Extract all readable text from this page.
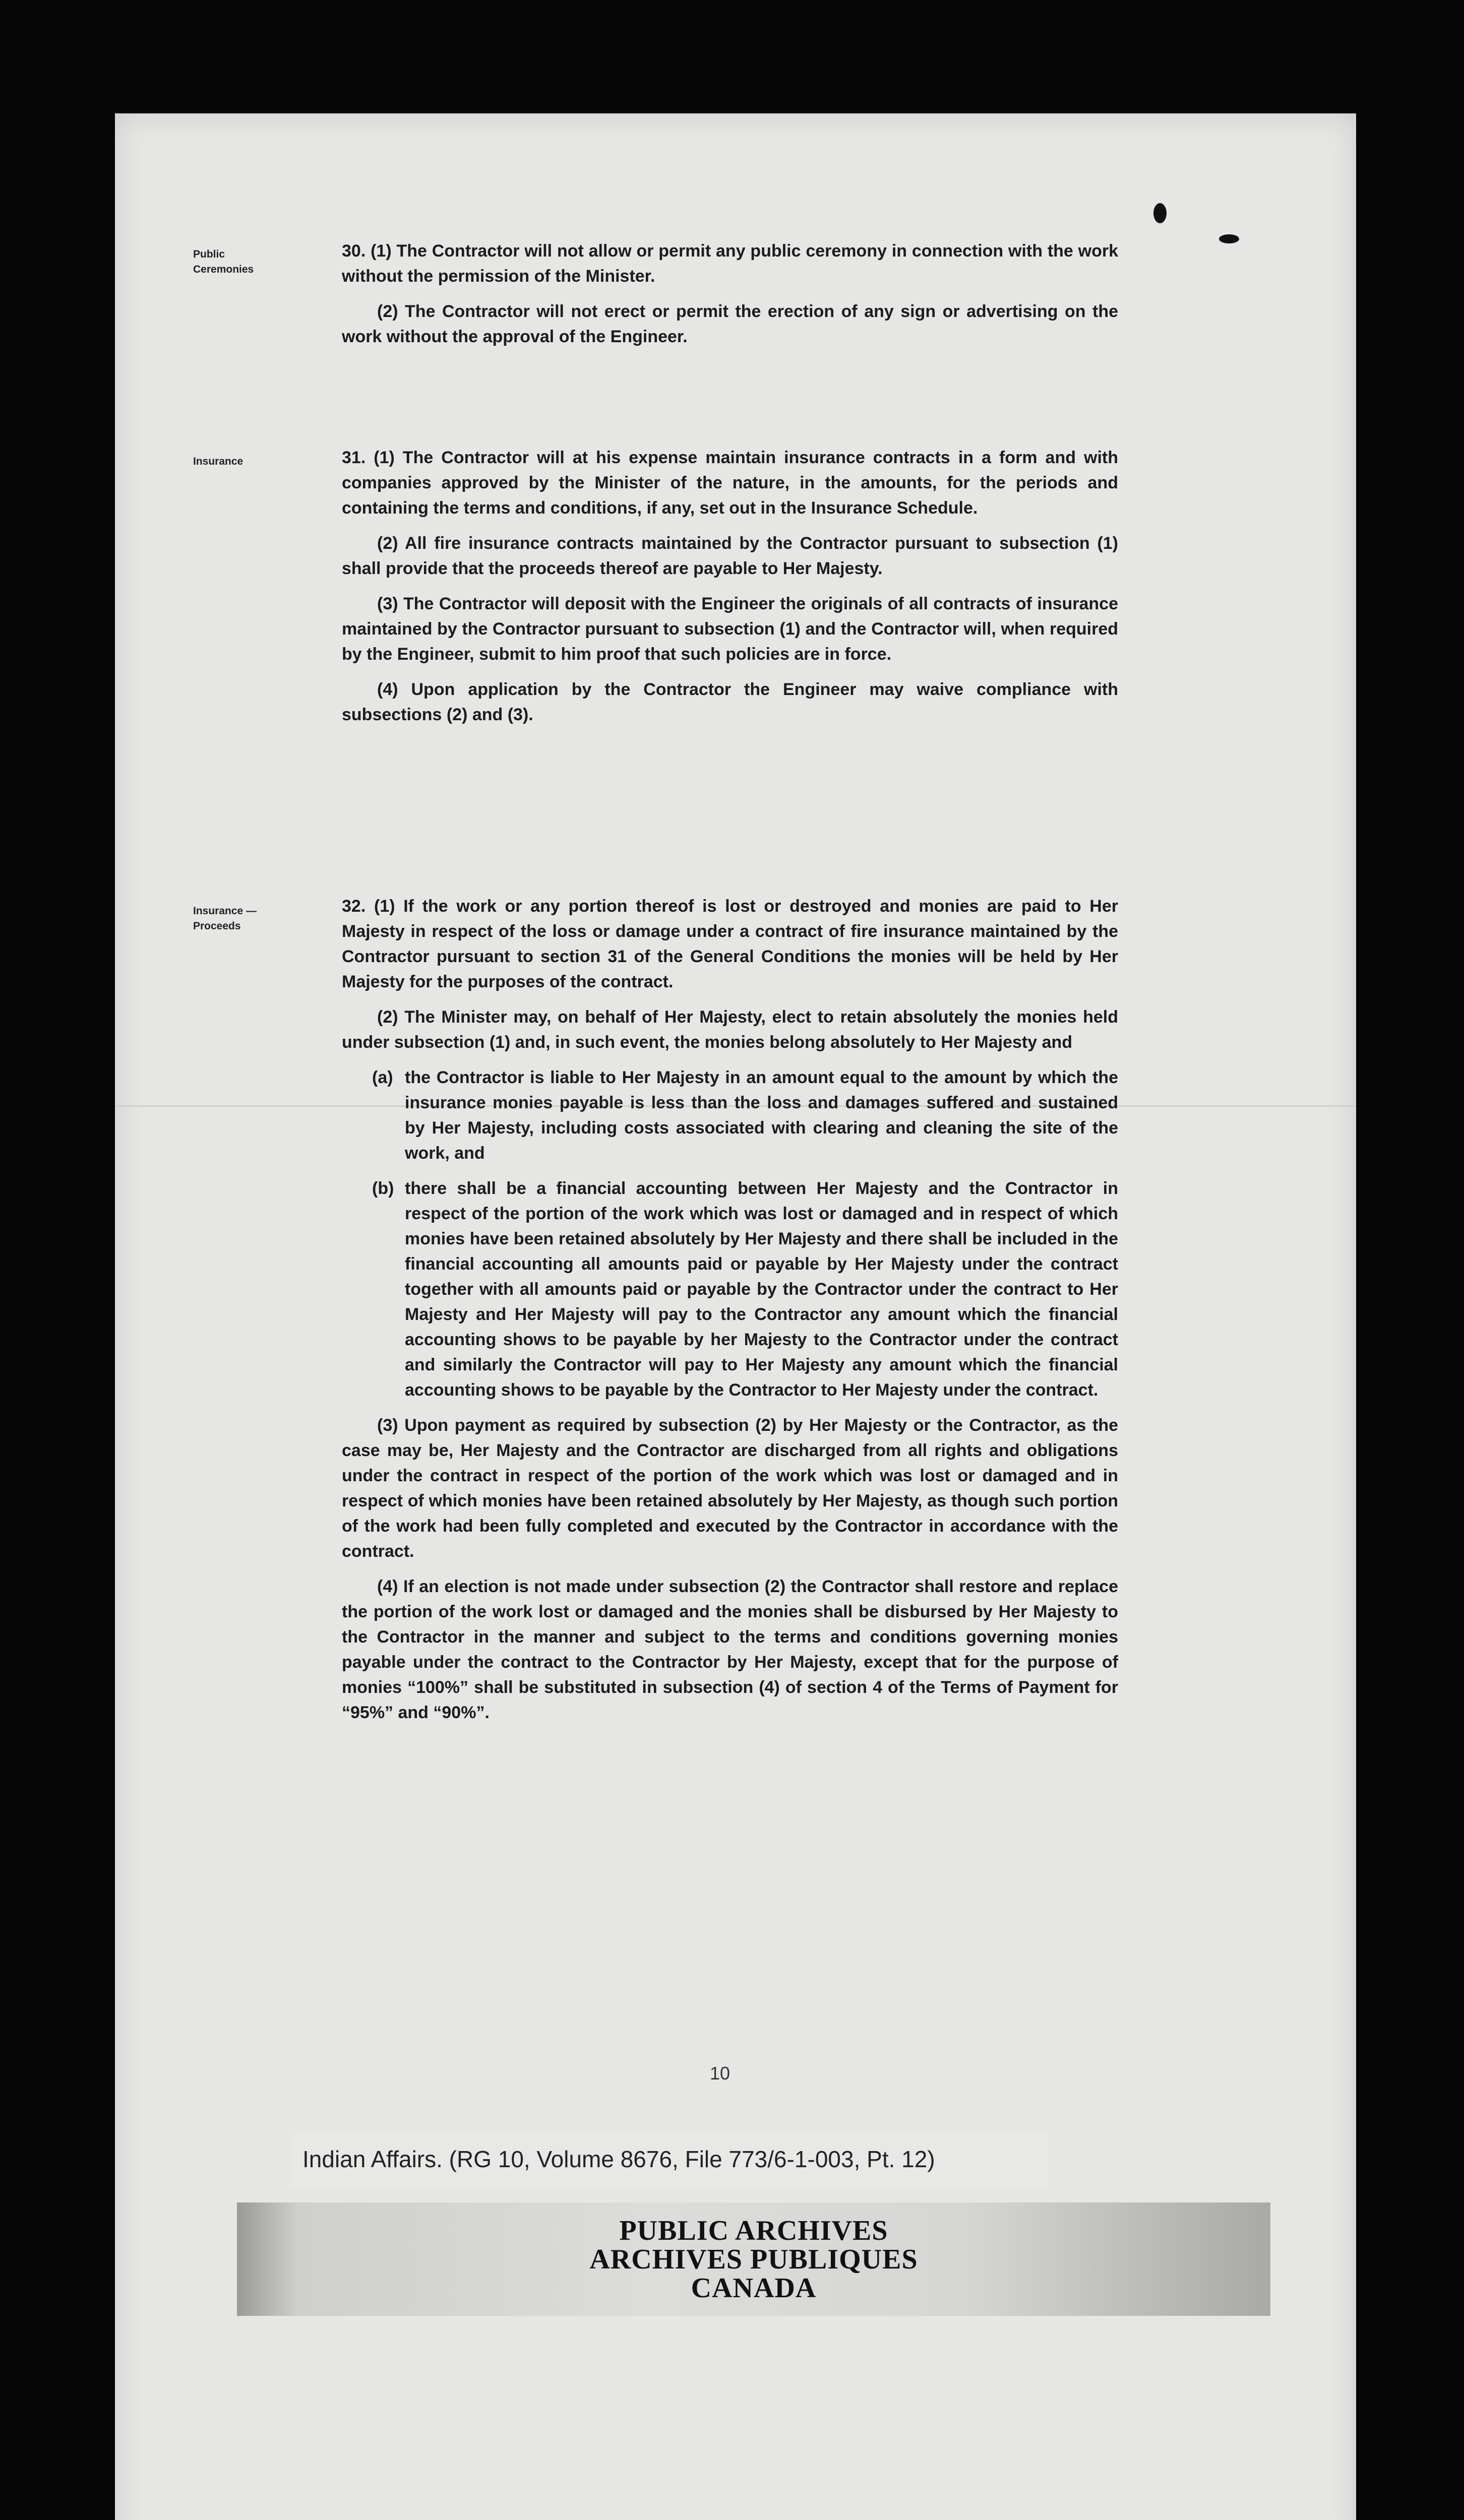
Public
Ceremonies

30. (1) The Contractor will not allow or permit any public ceremony in connection with the work without the permission of the Minister.

(2) The Contractor will not erect or permit the erection of any sign or advertising on the work without the approval of the Engineer.

Insurance	31. (1) The Contractor will at his expense maintain insurance contracts in a form and with companies approved by the Minister of the nature, in the amounts, for the periods and containing the terms and conditions, if any, set out in the Insurance Schedule.

(2) All fire insurance contracts maintained by the Contractor pursuant to subsection (1) shall provide that the proceeds thereof are payable to Her Majesty.

(3) The Contractor will deposit with the Engineer the originals of all contracts of insurance maintained by the Contractor pursuant to subsection (1) and the Contractor will, when required by the Engineer, submit to him proof that such policies are in force.

(4) Upon application by the Contractor the Engineer may waive compliance with subsections (2) and (3).

Insurance —
Proceeds

32. (1) If the work or any portion thereof is lost or destroyed and monies are paid to Her Majesty in respect of the loss or damage under a contract of fire insurance maintained by the Contractor pursuant to section 31 of the General Conditions the monies will be held by Her Majesty for the purposes of the contract.

(2) The Minister may, on behalf of Her Majesty, elect to retain absolutely the monies held under subsection (1) and, in such event, the monies belong absolutely to Her Majesty and

(a) the Contractor is liable to Her Majesty in an amount equal to the amount by which the insurance monies payable is less than the loss and damages suffered and sustained by Her Majesty, including costs associated with clearing and cleaning the site of the work, and
(b) there shall be a financial accounting between Her Majesty and the Contractor in respect of the portion of the work which was lost or damaged and in respect of which monies have been retained absolutely by Her Majesty and there shall be included in the financial accounting all amounts paid or payable by Her Majesty under the contract together with all amounts paid or payable by the Contractor under the contract to Her Majesty and Her Majesty will pay to the Contractor any amount which the financial accounting shows to be payable by her Majesty to the Contractor under the contract and similarly the Contractor will pay to Her Majesty any amount which the financial accounting shows to be payable by the Contractor to Her Majesty under the contract.

(3) Upon payment as required by subsection (2) by Her Majesty or the Contractor, as the case may be, Her Majesty and the Contractor are discharged from all rights and obligations under the contract in respect of the portion of the work which was lost or damaged and in respect of which monies have been retained absolutely by Her Majesty, as though such portion of the work had been fully completed and executed by the Contractor in accordance with the contract.

(4) If an election is not made under subsection (2) the Contractor shall restore and replace the portion of the work lost or damaged and the monies shall be disbursed by Her Majesty to the Contractor in the manner and subject to the terms and conditions governing monies payable under the contract to the Contractor by Her Majesty, except that for the purpose of monies “100%” shall be substituted in subsection (4) of section 4 of the Terms of Payment for “95%” and “90%”.

10
Indian Affairs. (RG 10, Volume 8676, File 773/6-1-003, Pt. 12)
PUBLIC ARCHIVES
ARCHIVES PUBLIQUES
CANADA
